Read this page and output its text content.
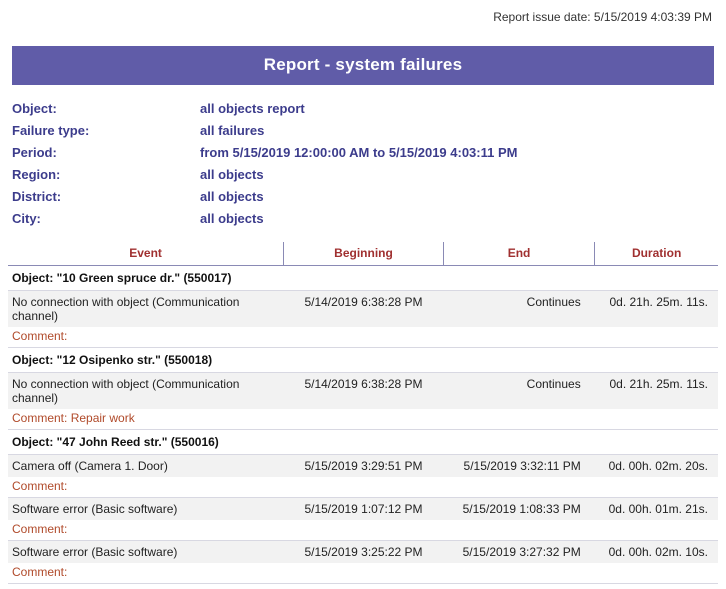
Report issue date: 5/15/2019 4:03:39 PM
Report - system failures
Object:	all objects report
Failure type:	all failures
Period:	from 5/15/2019 12:00:00 AM to 5/15/2019 4:03:11 PM
Region:	all objects
District:	all objects
City:	all objects
Event	Beginning	End	Duration
Object: "10 Green spruce dr." (550017)			
No connection with object (Communication channel)	5/14/2019 6:38:28 PM	Continues	0d. 21h. 25m. 11s.
Comment:			
Object: "12 Osipenko str." (550018)			
No connection with object (Communication channel)	5/14/2019 6:38:28 PM	Continues	0d. 21h. 25m. 11s.
Comment: Repair work			
Object: "47 John Reed str." (550016)			
Camera off (Camera 1. Door)	5/15/2019 3:29:51 PM	5/15/2019 3:32:11 PM	0d. 00h. 02m. 20s.
Comment:			
Software error (Basic software)	5/15/2019 1:07:12 PM	5/15/2019 1:08:33 PM	0d. 00h. 01m. 21s.
Comment:			
Software error (Basic software)	5/15/2019 3:25:22 PM	5/15/2019 3:27:32 PM	0d. 00h. 02m. 10s.
Comment:			
